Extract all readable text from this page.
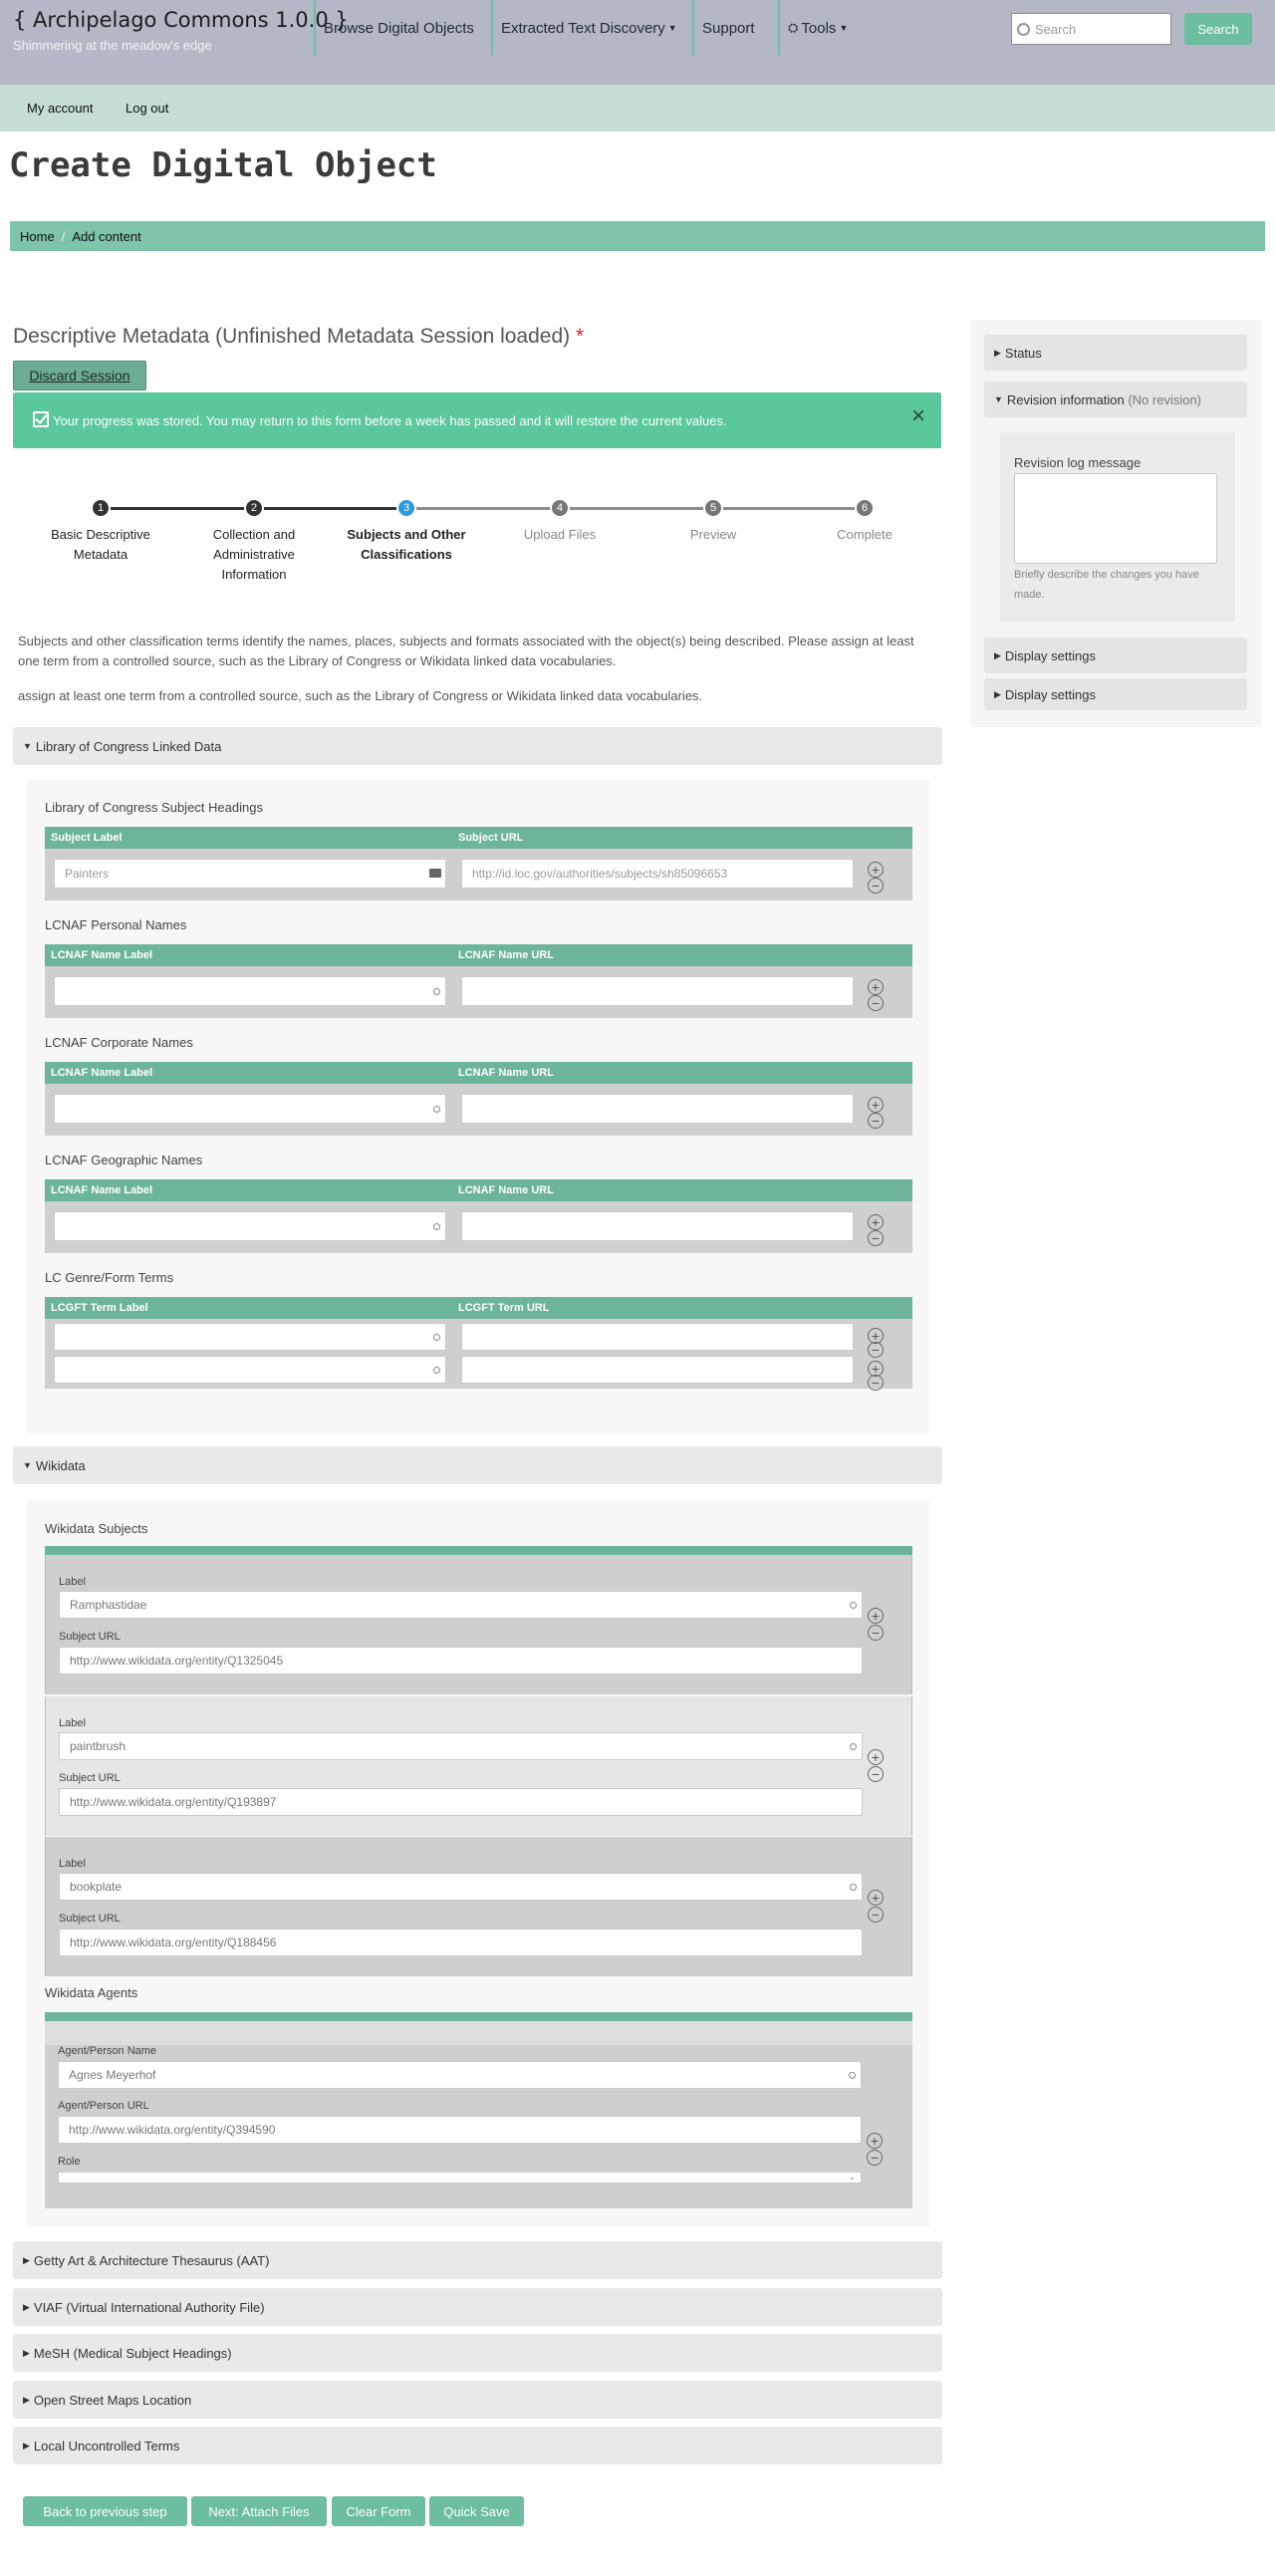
{ Archipelago Commons 1.0.0 }
Shimmering at the meadow's edge
Browse Digital Objects Extracted Text Discovery ▼	Support	⛭ Tools ▼	Search	Search
My account	Log out
Create Digital Object
Home / Add content
Descriptive Metadata (Unfinished Metadata Session loaded) *
Discard Session
Your progress was stored. You may return to this form before a week has passed and it will restore the current values.	×
1
Basic Descriptive Metadata
2
Collection and Administrative Information
3
Subjects and Other Classifications
4
Upload Files
5
Preview
6
Complete
Subjects and other classification terms identify the names, places, subjects and formats associated with the object(s) being described. Please assign at least one term from a controlled source, such as the Library of Congress or Wikidata linked data vocabularies.
assign at least one term from a controlled source, such as the Library of Congress or Wikidata linked data vocabularies.
▼ Library of Congress Linked Data
Library of Congress Subject Headings
Subject Label	Subject URL
Painters	http://id.loc.gov/authorities/subjects/sh85096653	+
−
LCNAF Personal Names
LCNAF Name Label	LCNAF Name URL
+
−
LCNAF Corporate Names
LCNAF Name Label	LCNAF Name URL
+
−
LCNAF Geographic Names
LCNAF Name Label	LCNAF Name URL
+
−
LC Genre/Form Terms
LCGFT Term Label	LCGFT Term URL
+
−
+
−
▼ Wikidata
Wikidata Subjects
Label
Ramphastidae
Subject URL
http://www.wikidata.org/entity/Q1325045
+
−
Label
paintbrush
Subject URL
http://www.wikidata.org/entity/Q193897
+
−
Label
bookplate
Subject URL
http://www.wikidata.org/entity/Q188456
+
−
Wikidata Agents
Agent/Person Name
Agnes Meyerhof
Agent/Person URL
http://www.wikidata.org/entity/Q394590
Role
⌄
+
−
▶ Getty Art & Architecture Thesaurus (AAT)
▶ VIAF (Virtual International Authority File)
▶ MeSH (Medical Subject Headings)
▶ Open Street Maps Location
▶ Local Uncontrolled Terms
Back to previous step	Next: Attach Files	Clear Form	Quick Save
▶ Status
▼ Revision information
(No revision)
Revision log message
Briefly describe the changes you have made.
▶ Display settings
▶ Display settings
